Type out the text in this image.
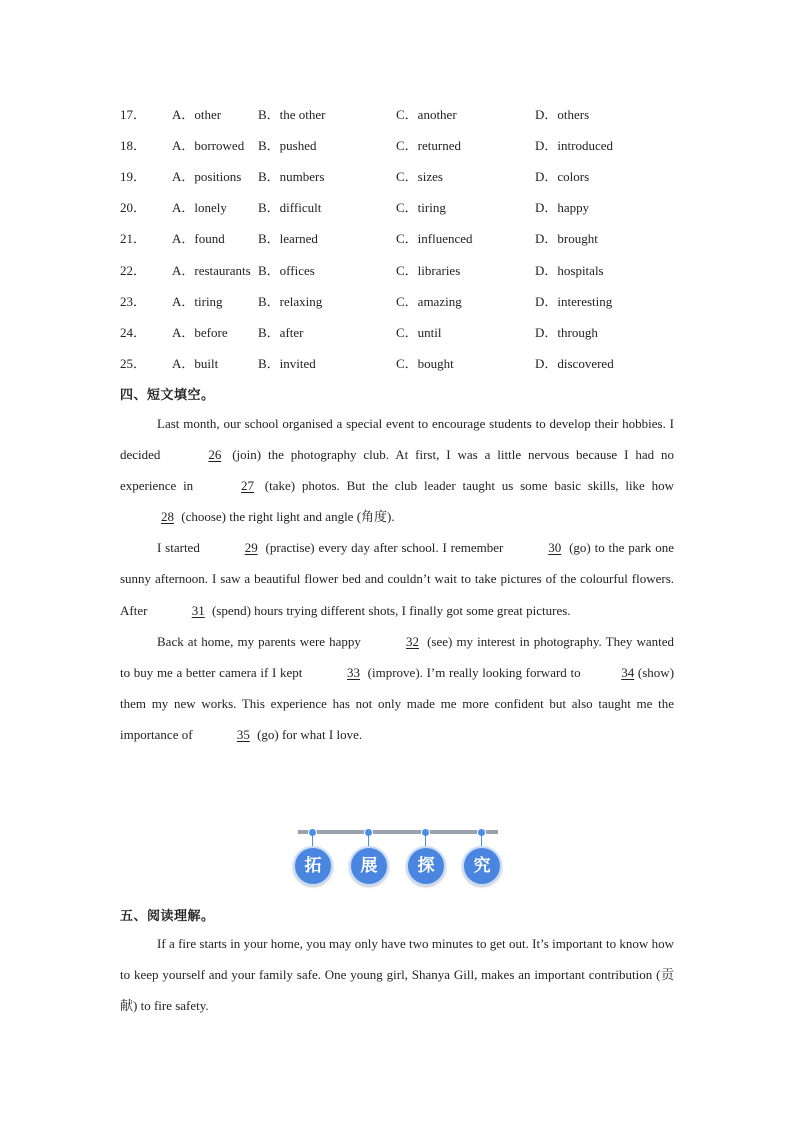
17． A．other	B．the other	C．another	D．others
18． A．borrowed B．pushed	C．returned	D．introduced
19． A．positions B．numbers	C．sizes	D．colors
20． A．lonely B．difficult	C．tiring	D．happy
21． A．found	B．learned	C．influenced	D．brought
22． A．restaurants B．offices	C．libraries	D．hospitals
23． A．tiring	B．relaxing	C．amazing	D．interesting
24． A．before B．after	C．until	D．through
25． A．built	B．invited	C．bought	D．discovered
四、短文填空。

Last month, our school organised a special event to encourage students to develop their hobbies. I decided	26 (join) the photography club. At first, I was a little nervous because I had no experience in	27 (take) photos. But the club leader taught us some basic skills, like how 28 (choose) the right light and angle (角度).

I started	29 (practise) every day after school. I remember	30 (go) to the park one sunny afternoon. I saw a beautiful flower bed and couldn’t wait to take pictures of the colourful flowers. After	31 (spend) hours trying different shots, I finally got some great pictures.

Back at home, my parents were happy	32 (see) my interest in photography. They wanted to buy me a better camera if I kept	33 (improve). I’m really looking forward to	34 (show) them my new works. This experience has not only made me more confident but also taught me the importance of	35 (go) for what I love.

拓	展	探	究
五、阅读理解。

If a fire starts in your home, you may only have two minutes to get out. It’s important to know how to keep yourself and your family safe. One young girl, Shanya Gill, makes an important contribution (贡献) to fire safety.
